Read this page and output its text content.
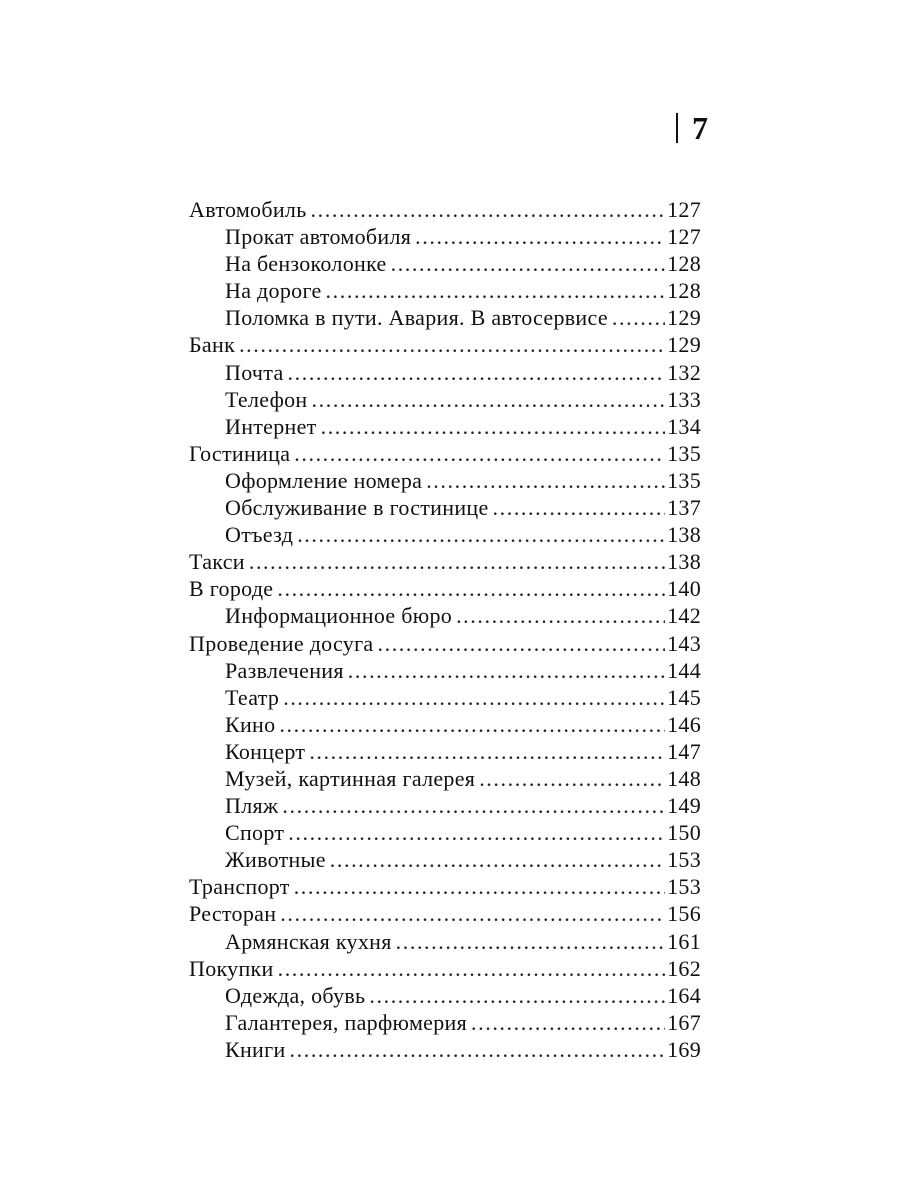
7
Автомобиль .....	127
Прокат автомобиля .....	127
На бензоколонке .....	128
На дороге .....	128
Поломка в пути. Авария. В автосервисе .....	129
Банк .....	129
Почта .....	132
Телефон .....	133
Интернет .....	134
Гостиница .....	135
Оформление номера .....	135
Обслуживание в гостинице .....	137
Отъезд .....	138
Такси .....	138
В городе .....	140
Информационное бюро .....	142
Проведение досуга .....	143
Развлечения .....	144
Театр .....	145
Кино .....	146
Концерт .....	147
Музей, картинная галерея .....	148
Пляж .....	149
Спорт .....	150
Животные .....	153
Транспорт .....	153
Ресторан .....	156
Армянская кухня .....	161
Покупки .....	162
Одежда, обувь .....	164
Галантерея, парфюмерия .....	167
Книги .....	169
